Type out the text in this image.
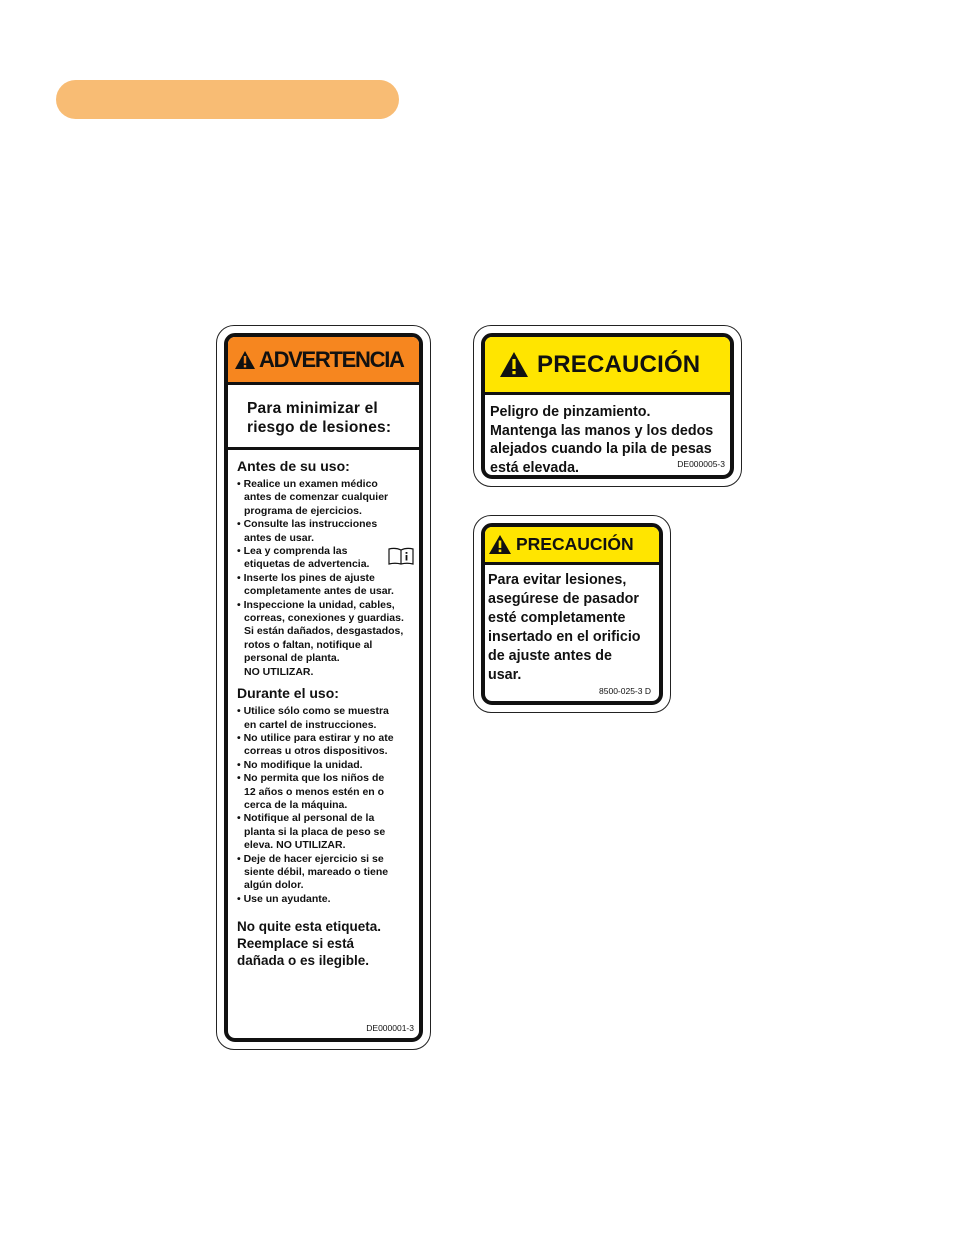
ADVERTENCIA
Para minimizar el
riesgo de lesiones:
Antes de su uso:
• Realice un examen médico
antes de comenzar cualquier
programa de ejercicios.
• Consulte las instrucciones
antes de usar.
• Lea y comprenda las
etiquetas de advertencia.
• Inserte los pines de ajuste
completamente antes de usar.
• Inspeccione la unidad, cables,
correas, conexiones y guardias.
Si están dañados, desgastados,
rotos o faltan, notifique al
personal de planta.
NO UTILIZAR.
Durante el uso:
• Utilice sólo como se muestra
en cartel de instrucciones.
• No utilice para estirar y no ate
correas u otros dispositivos.
• No modifique la unidad.
• No permita que los niños de
12 años o menos estén en o
cerca de la máquina.
• Notifique al personal de la
planta si la placa de peso se
eleva. NO UTILIZAR.
• Deje de hacer ejercicio si se
siente débil, mareado o tiene
algún dolor.
• Use un ayudante.
No quite esta etiqueta.
Reemplace si está
dañada o es ilegible.
DE000001-3
PRECAUCIÓN
Peligro de pinzamiento.
Mantenga las manos y los dedos
alejados cuando la pila de pesas
está elevada.	DE000005-3
PRECAUCIÓN
Para evitar lesiones,
asegúrese de pasador
esté completamente
insertado en el orificio
de ajuste antes de
usar.
8500-025-3 D
